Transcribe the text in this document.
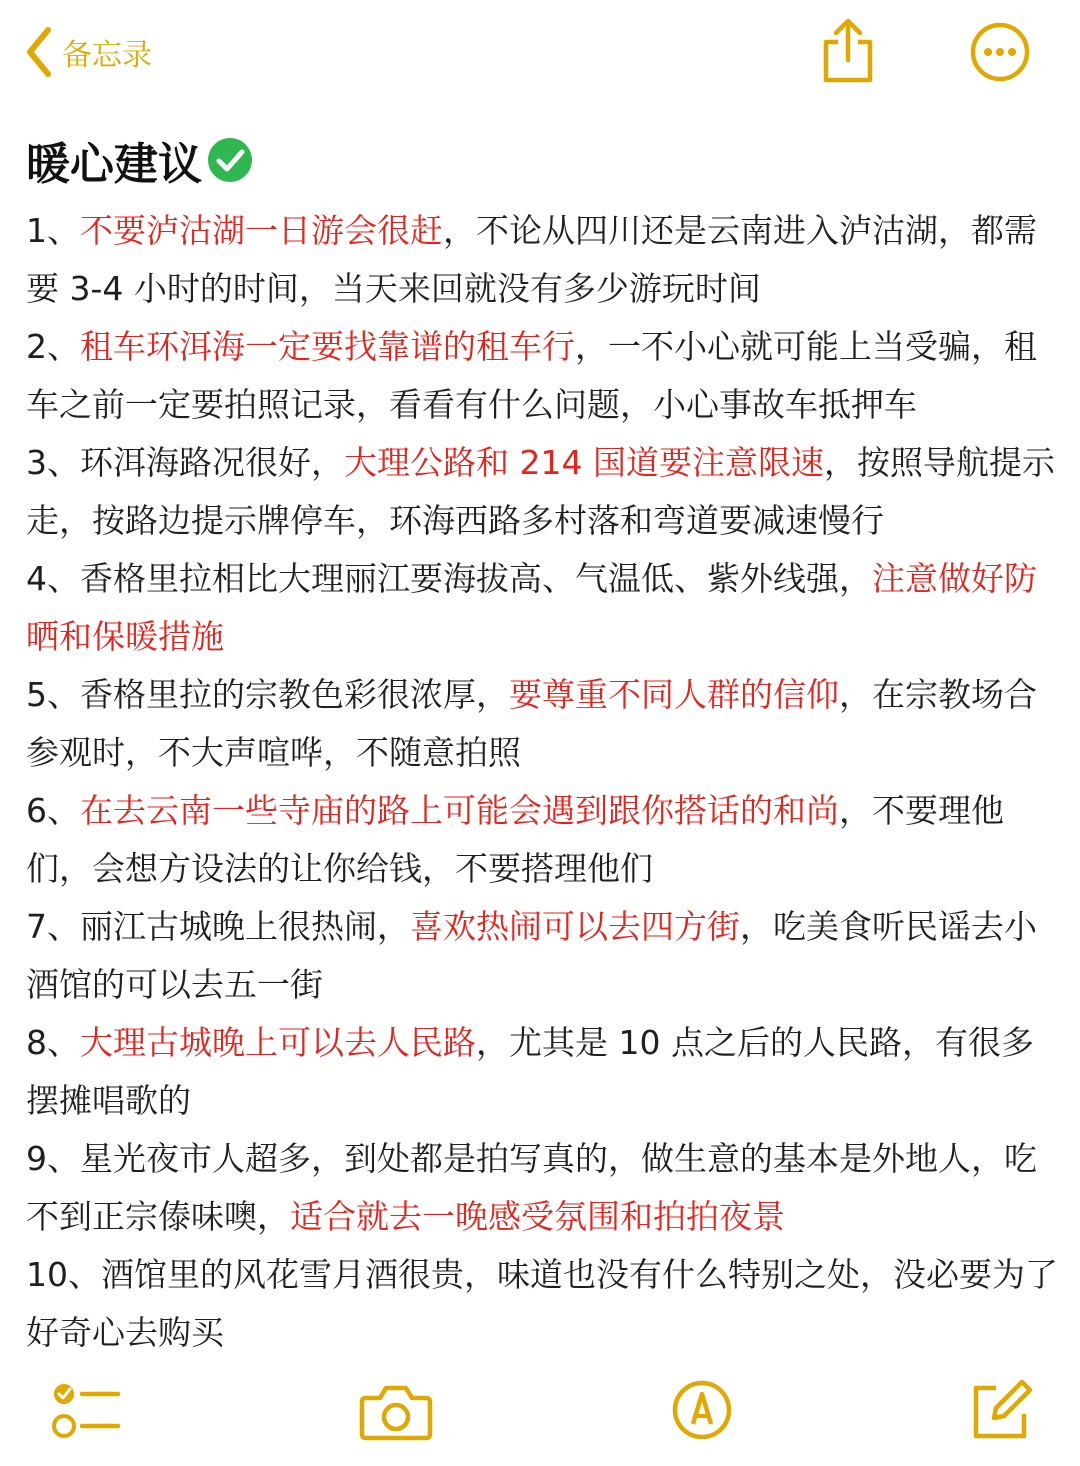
备忘录
暖心建议

1、不要泸沽湖一日游会很赶，不论从四川还是云南进入泸沽湖，都需要 3-4 小时的时间，当天来回就没有多少游玩时间

2、租车环洱海一定要找靠谱的租车行，一不小心就可能上当受骗，租车之前一定要拍照记录，看看有什么问题，小心事故车抵押车

3、环洱海路况很好，大理公路和 214 国道要注意限速，按照导航提示走，按路边提示牌停车，环海西路多村落和弯道要减速慢行

4、香格里拉相比大理丽江要海拔高、气温低、紫外线强，注意做好防晒和保暖措施

5、香格里拉的宗教色彩很浓厚，要尊重不同人群的信仰，在宗教场合参观时，不大声喧哗，不随意拍照

6、在去云南一些寺庙的路上可能会遇到跟你搭话的和尚，不要理他们，会想方设法的让你给钱，不要搭理他们

7、丽江古城晚上很热闹，喜欢热闹可以去四方街，吃美食听民谣去小酒馆的可以去五一街

8、大理古城晚上可以去人民路，尤其是 10 点之后的人民路，有很多摆摊唱歌的

9、星光夜市人超多，到处都是拍写真的，做生意的基本是外地人，吃不到正宗傣味噢，适合就去一晚感受氛围和拍拍夜景

10、酒馆里的风花雪月酒很贵，味道也没有什么特别之处，没必要为了好奇心去购买
